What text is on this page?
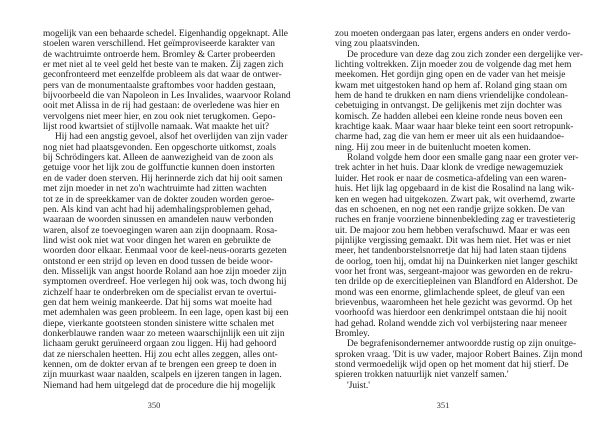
mogelijk van een behaarde schedel. Eigenhandig opgeknapt. Alle
stoelen waren verschillend. Het geïmproviseerde karakter van
de wachtruimte ontroerde hem. Bromley & Carter probeerden
er met niet al te veel geld het beste van te maken. Zij zagen zich
geconfronteerd met eenzelfde probleem als dat waar de ontwer-
pers van de monumentaalste graftombes voor hadden gestaan,
bijvoorbeeld die van Napoleon in Les Invalides, waarvoor Roland
ooit met Alissa in de rij had gestaan: de overledene was hier en
vervolgens niet meer hier, en zou ook niet terugkomen. Gepo-
lijst rood kwartsiet of stijlvolle namaak. Wat maakte het uit?
Hij had een angstig gevoel, alsof het overlijden van zijn vader
nog niet had plaatsgevonden. Een opgeschorte uitkomst, zoals
bij Schrödingers kat. Alleen de aanwezigheid van de zoon als
getuige voor het lijk zou de golffunctie kunnen doen instorten
en de vader doen sterven. Hij herinnerde zich dat hij ooit samen
met zijn moeder in net zo'n wachtruimte had zitten wachten
tot ze in de spreekkamer van de dokter zouden worden geroe-
pen. Als kind van acht had hij ademhalingsproblemen gehad,
waaraan de woorden sinussen en amandelen nauw verbonden
waren, alsof ze toevoegingen waren aan zijn doopnaam. Rosa-
lind wist ook niet wat voor dingen het waren en gebruikte de
woorden door elkaar. Eenmaal voor de keel-neus-oorarts gezeten
ontstond er een strijd op leven en dood tussen de beide woor-
den. Misselijk van angst hoorde Roland aan hoe zijn moeder zijn
symptomen overdreef. Hoe verlegen hij ook was, toch dwong hij
zichzelf haar te onderbreken om de specialist ervan te overtui-
gen dat hem weinig mankeerde. Dat hij soms wat moeite had
met ademhalen was geen probleem. In een lage, open kast bij een
diepe, vierkante gootsteen stonden sinistere witte schalen met
donkerblauwe randen waar zo meteen waarschijnlijk een uit zijn
lichaam gerukt geruïneerd orgaan zou liggen. Hij had gehoord
dat ze nierschalen heetten. Hij zou echt alles zeggen, alles ont-
kennen, om de dokter ervan af te brengen een greep te doen in
zijn muurkast waar naalden, scalpels en ijzeren tangen in lagen.
Niemand had hem uitgelegd dat de procedure die hij mogelijk
350
zou moeten ondergaan pas later, ergens anders en onder verdo-
ving zou plaatsvinden.
De procedure van deze dag zou zich zonder een dergelijke ver-
lichting voltrekken. Zijn moeder zou de volgende dag met hem
meekomen. Het gordijn ging open en de vader van het meisje
kwam met uitgestoken hand op hem af. Roland ging staan om
hem de hand te drukken en nam diens vriendelijke condolean-
cebetuiging in ontvangst. De gelijkenis met zijn dochter was
komisch. Ze hadden allebei een kleine ronde neus boven een
krachtige kaak. Maar waar haar bleke teint een soort retropunk-
charme had, zag die van hem er meer uit als een huidaandoe-
ning. Hij zou meer in de buitenlucht moeten komen.
Roland volgde hem door een smalle gang naar een groter ver-
trek achter in het huis. Daar klonk de vredige newagemuziek
luider. Het rook er naar de cosmetica-afdeling van een waren-
huis. Het lijk lag opgebaard in de kist die Rosalind na lang wik-
ken en wegen had uitgekozen. Zwart pak, wit overhemd, zwarte
das en schoenen, en nog net een randje grijze sokken. De van
ruches en franje voorziene binnenbekleding zag er travestieterig
uit. De majoor zou hem hebben verafschuwd. Maar er was een
pijnlijke vergissing gemaakt. Dit was hem niet. Het was er niet
meer, het tandenborstelsnorretje dat hij had laten staan tijdens
de oorlog, toen hij, omdat hij na Duinkerken niet langer geschikt
voor het front was, sergeant-majoor was geworden en de rekru-
ten drilde op de exercitiepleinen van Blandford en Aldershot. De
mond was een enorme, glimlachende spleet, de gleuf van een
brievenbus, waaromheen het hele gezicht was gevormd. Op het
voorhoofd was hierdoor een denkrimpel ontstaan die hij nooit
had gehad. Roland wendde zich vol verbijstering naar meneer
Bromley.
De begrafenisondernemer antwoordde rustig op zijn onuitge-
sproken vraag. 'Dit is uw vader, majoor Robert Baines. Zijn mond
stond vermoedelijk wijd open op het moment dat hij stierf. De
spieren trokken natuurlijk niet vanzelf samen.'
'Juist.'
351
